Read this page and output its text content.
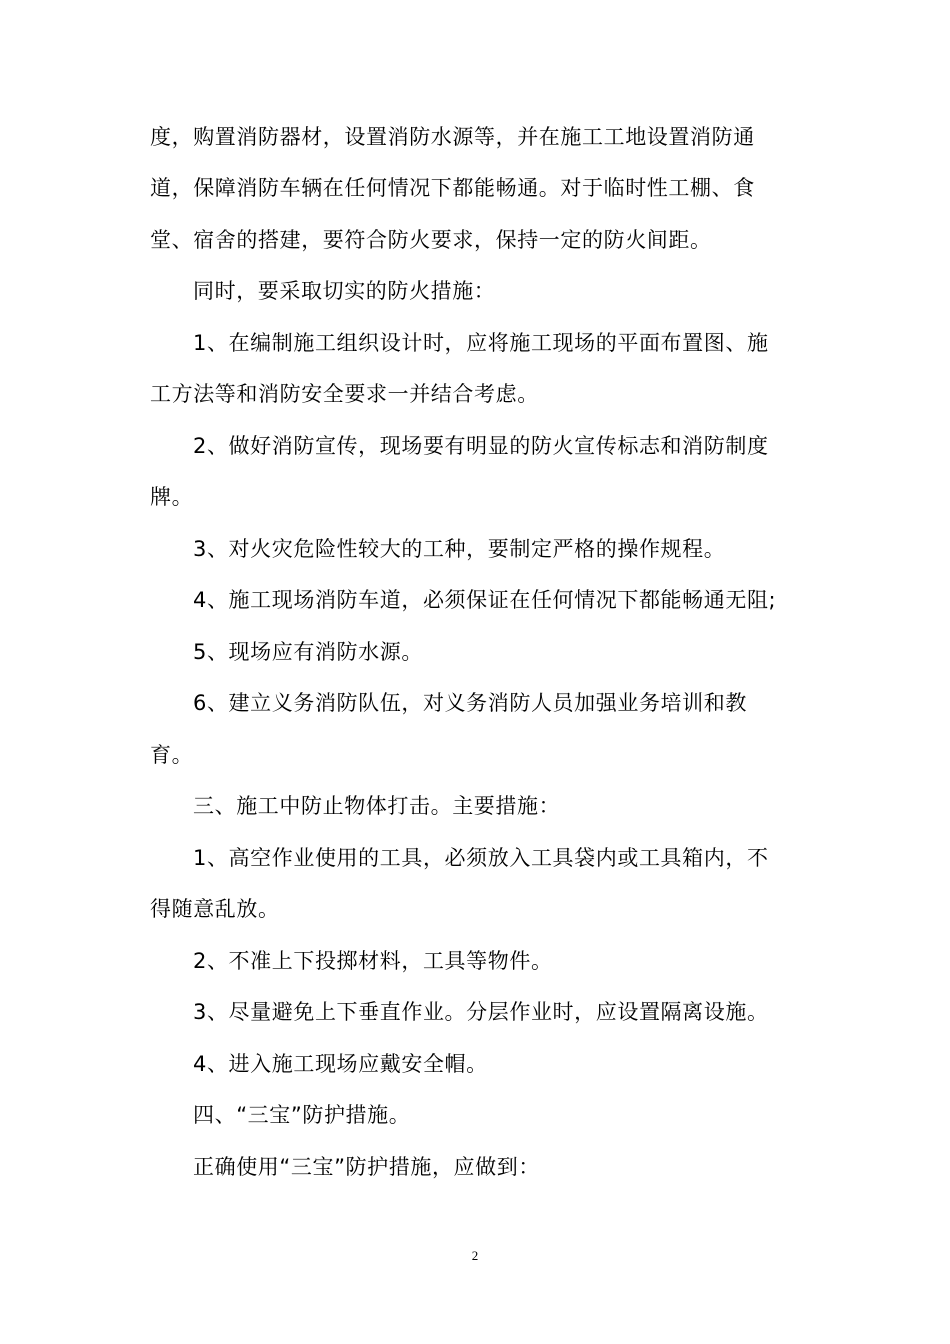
度，购置消防器材，设置消防水源等，并在施工工地设置消防通
道，保障消防车辆在任何情况下都能畅通。对于临时性工棚、食
堂、宿舍的搭建，要符合防火要求，保持一定的防火间距。
同时，要采取切实的防火措施：
1、在编制施工组织设计时，应将施工现场的平面布置图、施
工方法等和消防安全要求一并结合考虑。
2、做好消防宣传，现场要有明显的防火宣传标志和消防制度
牌。
3、对火灾危险性较大的工种，要制定严格的操作规程。
4、施工现场消防车道，必须保证在任何情况下都能畅通无阻;
5、现场应有消防水源。
6、建立义务消防队伍，对义务消防人员加强业务培训和教
育。
三、施工中防止物体打击。主要措施：
1、高空作业使用的工具，必须放入工具袋内或工具箱内，不
得随意乱放。
2、不准上下投掷材料，工具等物件。
3、尽量避免上下垂直作业。分层作业时，应设置隔离设施。
4、进入施工现场应戴安全帽。
四、“三宝”防护措施。
正确使用“三宝”防护措施，应做到：
2
